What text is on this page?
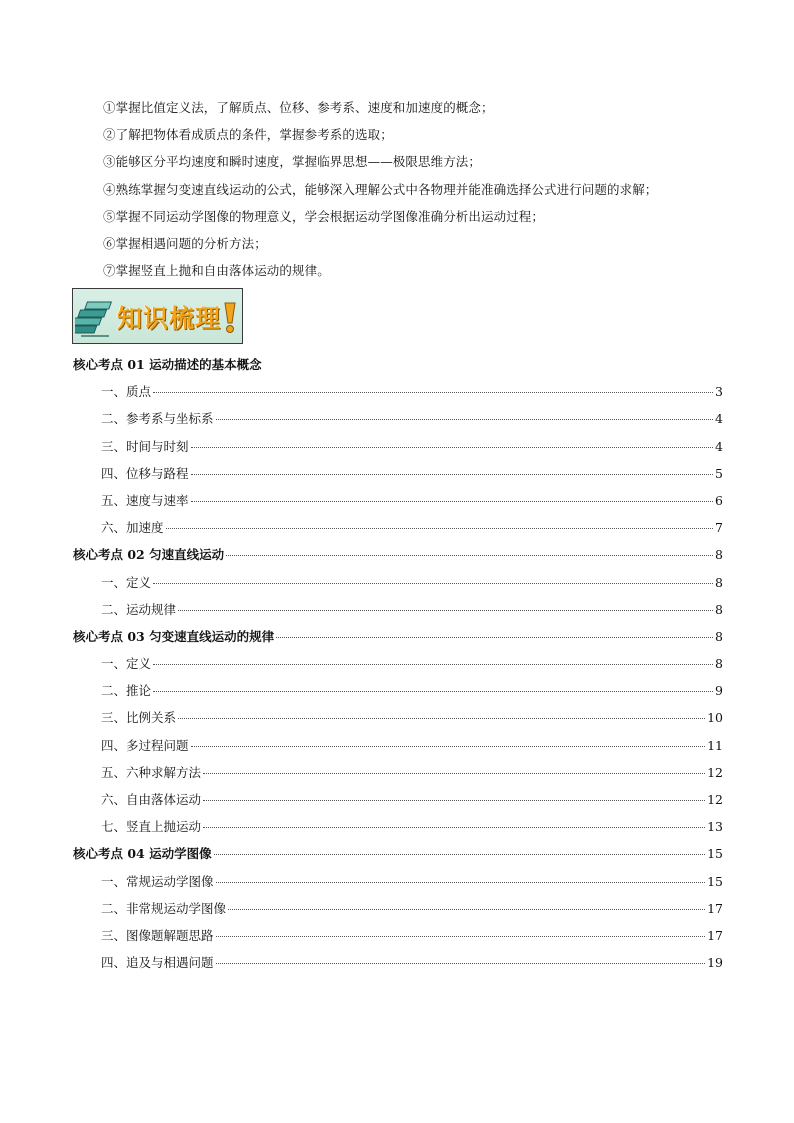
①掌握比值定义法，了解质点、位移、参考系、速度和加速度的概念；
②了解把物体看成质点的条件，掌握参考系的选取；
③能够区分平均速度和瞬时速度，掌握临界思想——极限思维方法；
④熟练掌握匀变速直线运动的公式，能够深入理解公式中各物理并能准确选择公式进行问题的求解；
⑤掌握不同运动学图像的物理意义，学会根据运动学图像准确分析出运动过程；
⑥掌握相遇问题的分析方法；
⑦掌握竖直上抛和自由落体运动的规律。
知识梳理
核心考点 01 运动描述的基本概念
一、质点	3
二、参考系与坐标系	4
三、时间与时刻	4
四、位移与路程	5
五、速度与速率	6
六、加速度	7
核心考点 02 匀速直线运动	8
一、定义	8
二、运动规律	8
核心考点 03 匀变速直线运动的规律	8
一、定义	8
二、推论	9
三、比例关系	10
四、多过程问题	11
五、六种求解方法	12
六、自由落体运动	12
七、竖直上抛运动	13
核心考点 04 运动学图像	15
一、常规运动学图像	15
二、非常规运动学图像	17
三、图像题解题思路	17
四、追及与相遇问题	19
